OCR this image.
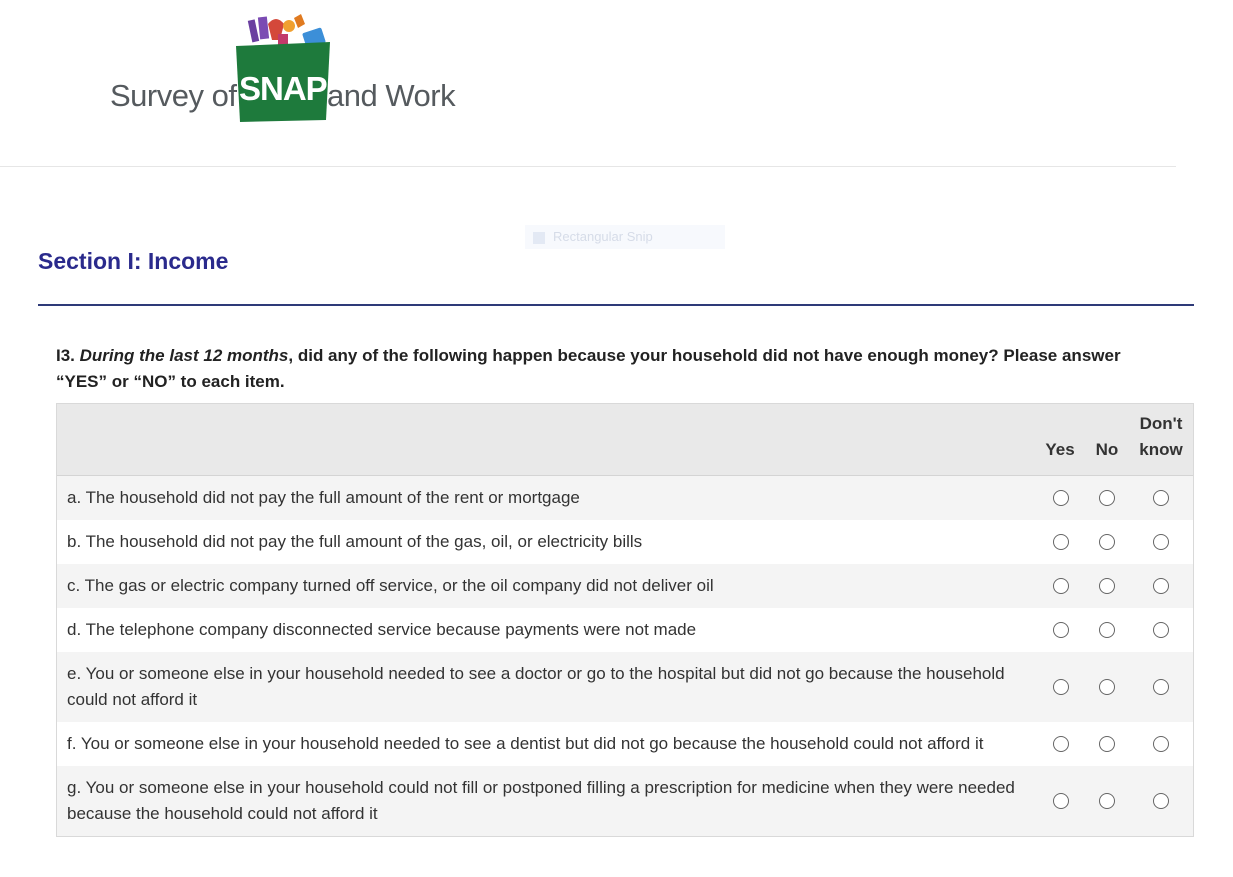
Survey of SNAP and Work
Rectangular Snip
Section I: Income
I3. During the last 12 months, did any of the following happen because your household did not have enough money? Please answer “YES” or “NO” to each item.
Yes No
Don't
know
a. The household did not pay the full amount of the rent or mortgage
b. The household did not pay the full amount of the gas, oil, or electricity bills
c. The gas or electric company turned off service, or the oil company did not deliver oil
d. The telephone company disconnected service because payments were not made
e. You or someone else in your household needed to see a doctor or go to the hospital but did not go because the household could not afford it
f. You or someone else in your household needed to see a dentist but did not go because the household could not afford it
g. You or someone else in your household could not fill or postponed filling a prescription for medicine when they were needed because the household could not afford it
